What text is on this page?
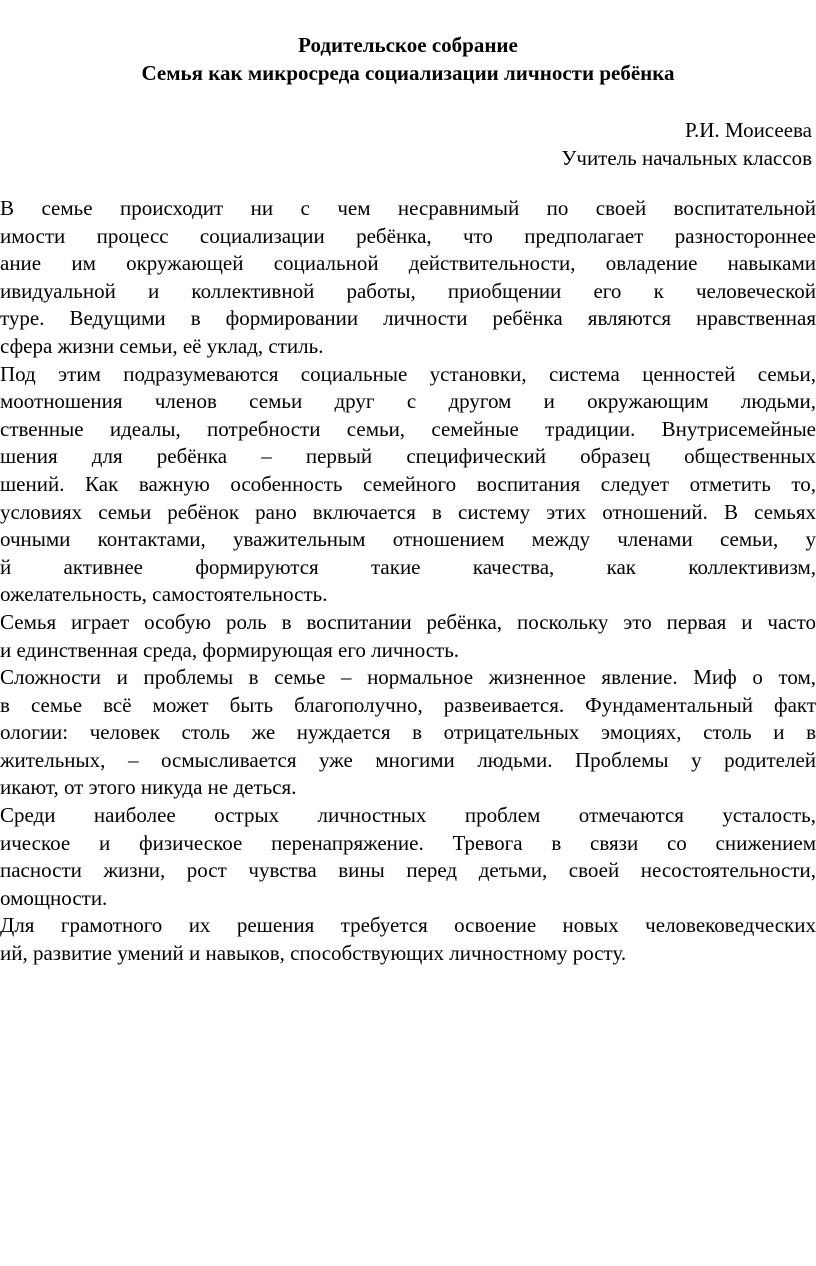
Родительское собрание
Семья как микросреда социализации личности ребёнка
Р.И. Моисеева
Учитель начальных классов
В семье происходит ни с чем несравнимый по своей воспитательной
имости процесс социализации ребёнка, что предполагает разностороннее
ание им окружающей социальной действительности, овладение навыками
ивидуальной и коллективной работы, приобщении его к человеческой
туре. Ведущими в формировании личности ребёнка являются нравственная
сфера жизни семьи, её уклад, стиль.
Под этим подразумеваются социальные установки, система ценностей семьи,
моотношения членов семьи друг с другом и окружающим людьми,
ственные идеалы, потребности семьи, семейные традиции. Внутрисемейные
шения для ребёнка – первый специфический образец общественных
шений. Как важную особенность семейного воспитания следует отметить то,
условиях семьи ребёнок рано включается в систему этих отношений. В семьях
очными контактами, уважительным отношением между членами семьи, у
й активнее формируются такие качества, как коллективизм,
ожелательность, самостоятельность.
Семья играет особую роль в воспитании ребёнка, поскольку это первая и часто
и единственная среда, формирующая его личность.
Сложности и проблемы в семье – нормальное жизненное явление. Миф о том,
в семье всё может быть благополучно, развеивается. Фундаментальный факт
ологии: человек столь же нуждается в отрицательных эмоциях, столь и в
жительных, – осмысливается уже многими людьми. Проблемы у родителей
икают, от этого никуда не деться.
Среди наиболее острых личностных проблем отмечаются усталость,
ическое и физическое перенапряжение. Тревога в связи со снижением
пасности жизни, рост чувства вины перед детьми, своей несостоятельности,
омощности.
Для грамотного их решения требуется освоение новых человековедческих
ий, развитие умений и навыков, способствующих личностному росту.
